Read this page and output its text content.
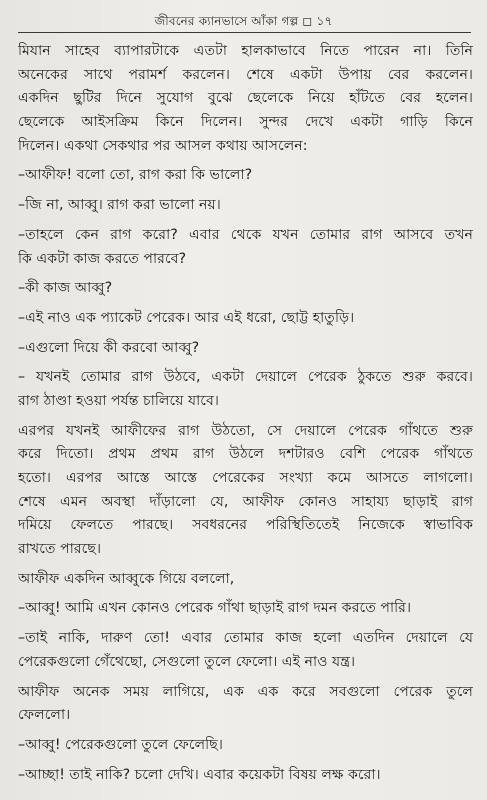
জীবনের ক্যানভাসে আঁকা গল্প ◻ ১৭
মিযান সাহেব ব্যাপারটাকে এতটা হালকাভাবে নিতে পারেন না। তিনি
অনেকের সাথে পরামর্শ করলেন। শেষে একটা উপায় বের করলেন।
একদিন ছুটির দিনে সুযোগ বুঝে ছেলেকে নিয়ে হাঁটতে বের হলেন।
ছেলেকে আইসক্রিম কিনে দিলেন। সুন্দর দেখে একটা গাড়ি কিনে
দিলেন। একথা সেকথার পর আসল কথায় আসলেন:
–আফীফ! বলো তো, রাগ করা কি ভালো?
–জি না, আব্বু। রাগ করা ভালো নয়।
–তাহলে কেন রাগ করো? এবার থেকে যখন তোমার রাগ আসবে তখন
কি একটা কাজ করতে পারবে?
–কী কাজ আব্বু?
–এই নাও এক প্যাকেট পেরেক। আর এই ধরো, ছোট্ট হাতুড়ি।
–এগুলো দিয়ে কী করবো আব্বু?
– যখনই তোমার রাগ উঠবে, একটা দেয়ালে পেরেক ঠুকতে শুরু করবে।
রাগ ঠাণ্ডা হওয়া পর্যন্ত চালিয়ে যাবে।
এরপর যখনই আফীফের রাগ উঠতো, সে দেয়ালে পেরেক গাঁথতে শুরু
করে দিতো। প্রথম প্রথম রাগ উঠলে দশটারও বেশি পেরেক গাঁথতে
হতো। এরপর আস্তে আস্তে পেরেকের সংখ্যা কমে আসতে লাগলো।
শেষে এমন অবস্থা দাঁড়ালো যে, আফীফ কোনও সাহায্য ছাড়াই রাগ
দমিয়ে ফেলতে পারছে। সবধরনের পরিস্থিতিতেই নিজেকে স্বাভাবিক
রাখতে পারছে।
আফীফ একদিন আব্বুকে গিয়ে বললো,
–আব্বু! আমি এখন কোনও পেরেক গাঁথা ছাড়াই রাগ দমন করতে পারি।
–তাই নাকি, দারুণ তো! এবার তোমার কাজ হলো এতদিন দেয়ালে যে
পেরেকগুলো গেঁথেছো, সেগুলো তুলে ফেলো। এই নাও যন্ত্র।
আফীফ অনেক সময় লাগিয়ে, এক এক করে সবগুলো পেরেক তুলে
ফেললো।
–আব্বু! পেরেকগুলো তুলে ফেলেছি।
–আচ্ছা! তাই নাকি? চলো দেখি। এবার কয়েকটা বিষয় লক্ষ করো।
